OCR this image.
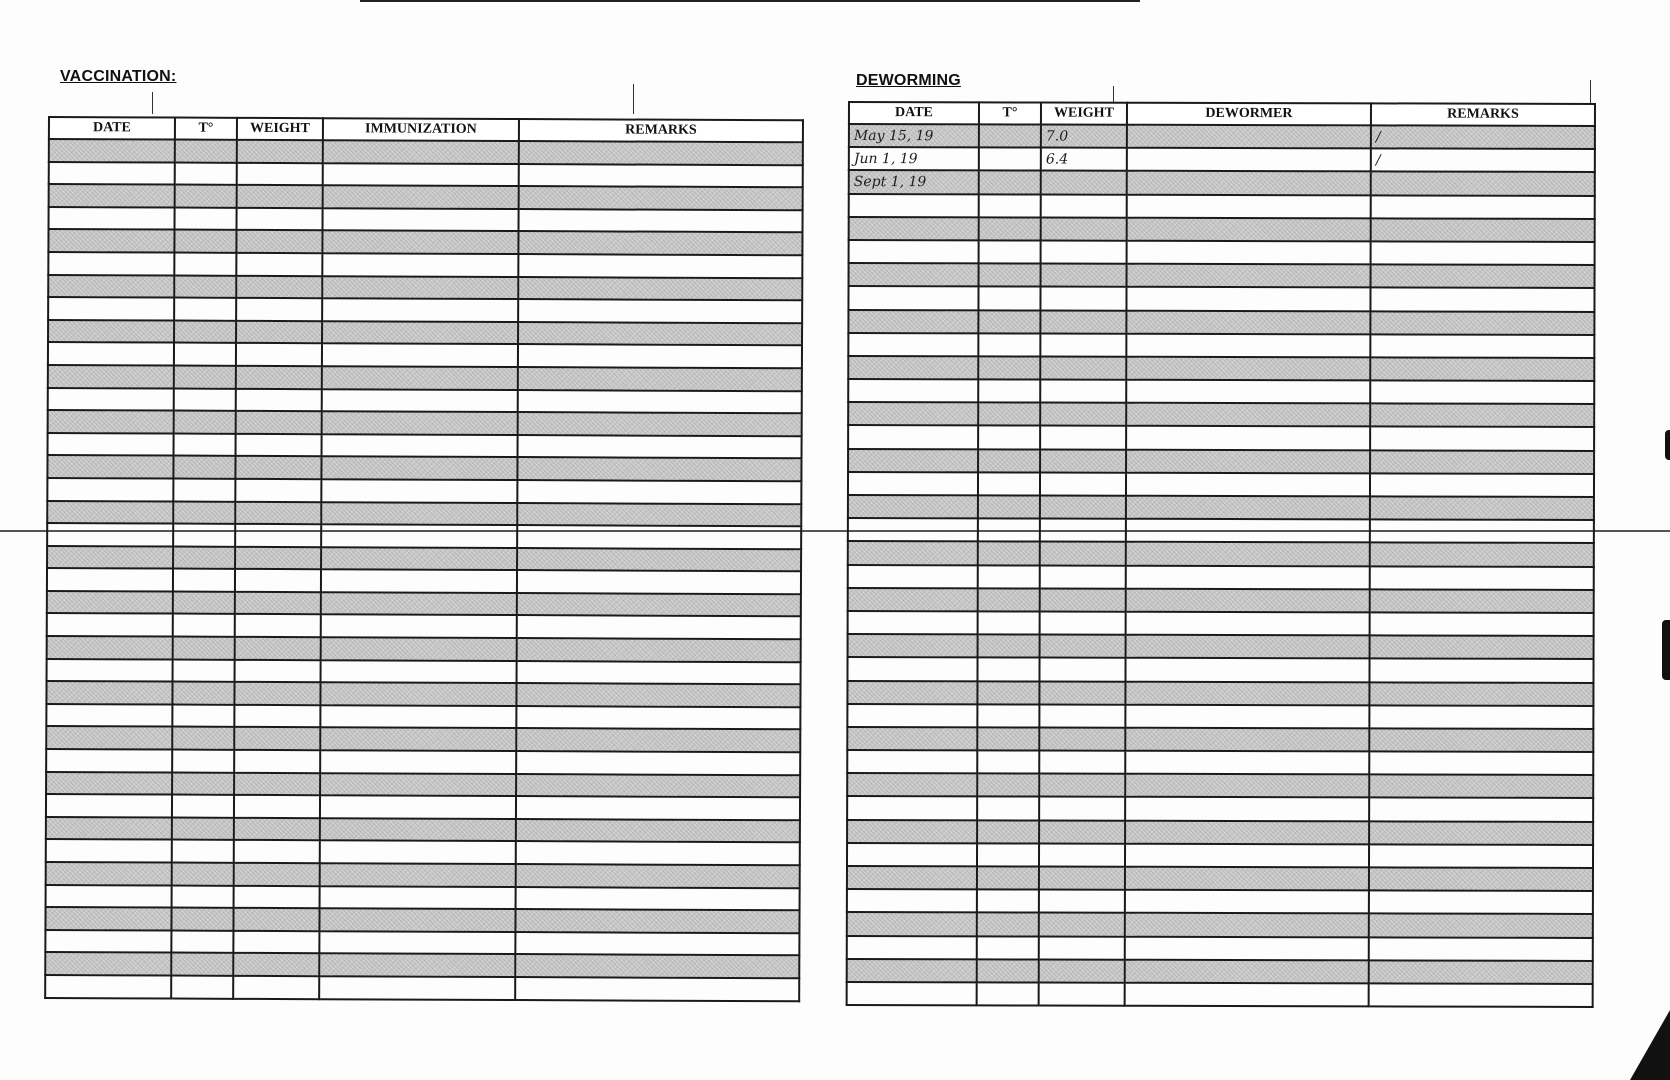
VACCINATION:
DATE	T°	WEIGHT	IMMUNIZATION	REMARKS

DEWORMING
DATE	T°	WEIGHT	DEWORMER	REMARKS
May 15, 19		7.0		/
Jun 1, 19		6.4		/
Sept 1, 19				
